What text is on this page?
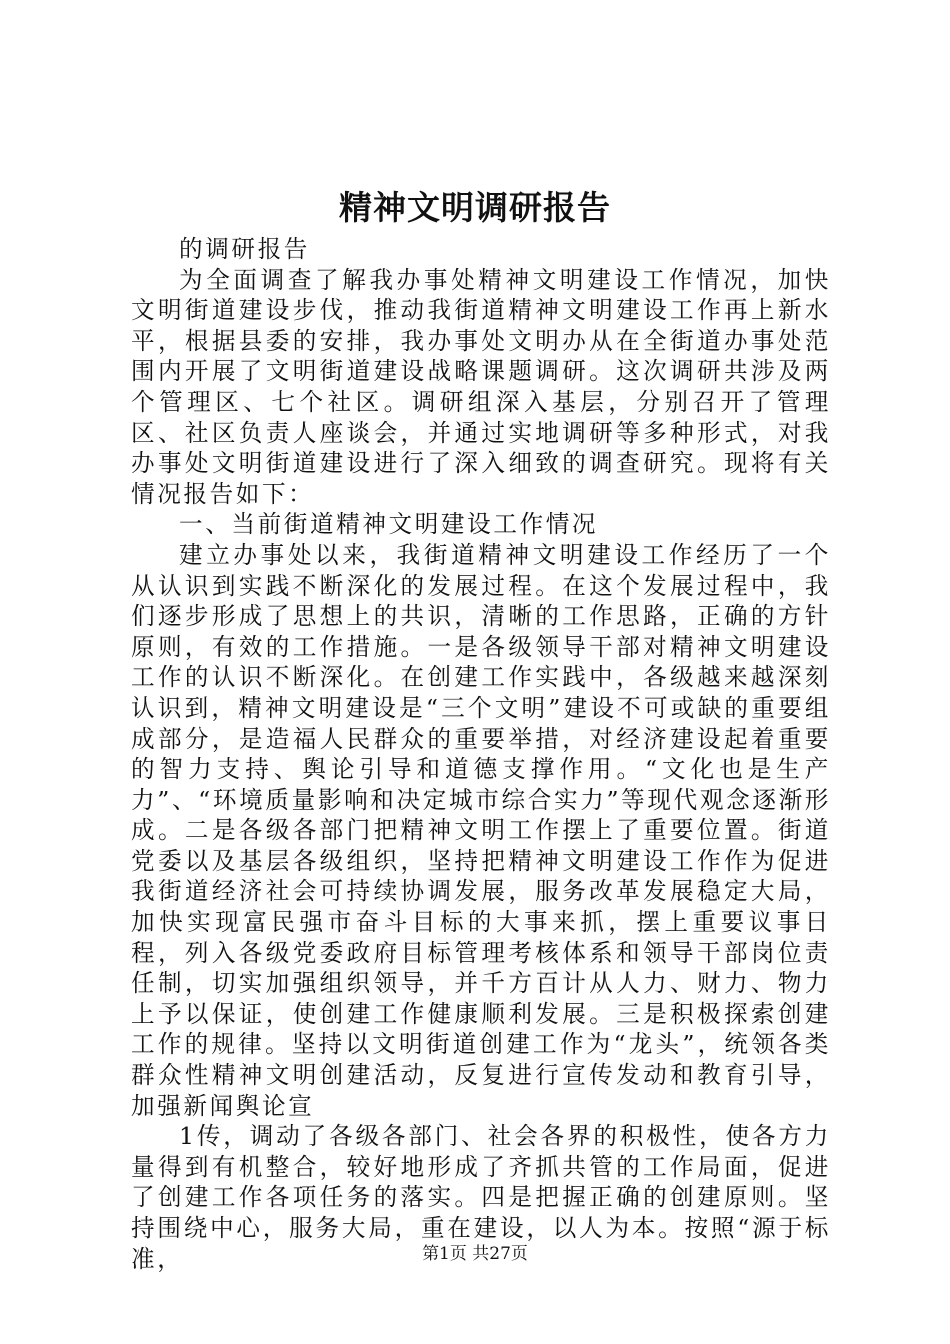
精神文明调研报告

的调研报告

为全面调查了解我办事处精神文明建设工作情况，加快文明街道建设步伐，推动我街道精神文明建设工作再上新水平，根据县委的安排，我办事处文明办从在全街道办事处范围内开展了文明街道建设战略课题调研。这次调研共涉及两个管理区、七个社区。调研组深入基层，分别召开了管理区、社区负责人座谈会，并通过实地调研等多种形式，对我办事处文明街道建设进行了深入细致的调查研究。现将有关情况报告如下：

一、当前街道精神文明建设工作情况

建立办事处以来，我街道精神文明建设工作经历了一个从认识到实践不断深化的发展过程。在这个发展过程中，我们逐步形成了思想上的共识，清晰的工作思路，正确的方针原则，有效的工作措施。一是各级领导干部对精神文明建设工作的认识不断深化。在创建工作实践中，各级越来越深刻认识到，精神文明建设是“三个文明”建设不可或缺的重要组成部分，是造福人民群众的重要举措，对经济建设起着重要的智力支持、舆论引导和道德支撑作用。“文化也是生产力”、“环境质量影响和决定城市综合实力”等现代观念逐渐形成。二是各级各部门把精神文明工作摆上了重要位置。街道党委以及基层各级组织，坚持把精神文明建设工作作为促进我街道经济社会可持续协调发展，服务改革发展稳定大局，加快实现富民强市奋斗目标的大事来抓，摆上重要议事日程，列入各级党委政府目标管理考核体系和领导干部岗位责任制，切实加强组织领导，并千方百计从人力、财力、物力上予以保证，使创建工作健康顺利发展。三是积极探索创建工作的规律。坚持以文明街道创建工作为“龙头”，统领各类群众性精神文明创建活动，反复进行宣传发动和教育引导，加强新闻舆论宣

1传，调动了各级各部门、社会各界的积极性，使各方力量得到有机整合，较好地形成了齐抓共管的工作局面，促进了创建工作各项任务的落实。四是把握正确的创建原则。坚持围绕中心，服务大局，重在建设，以人为本。按照“源于标准，	第1页 共27页
